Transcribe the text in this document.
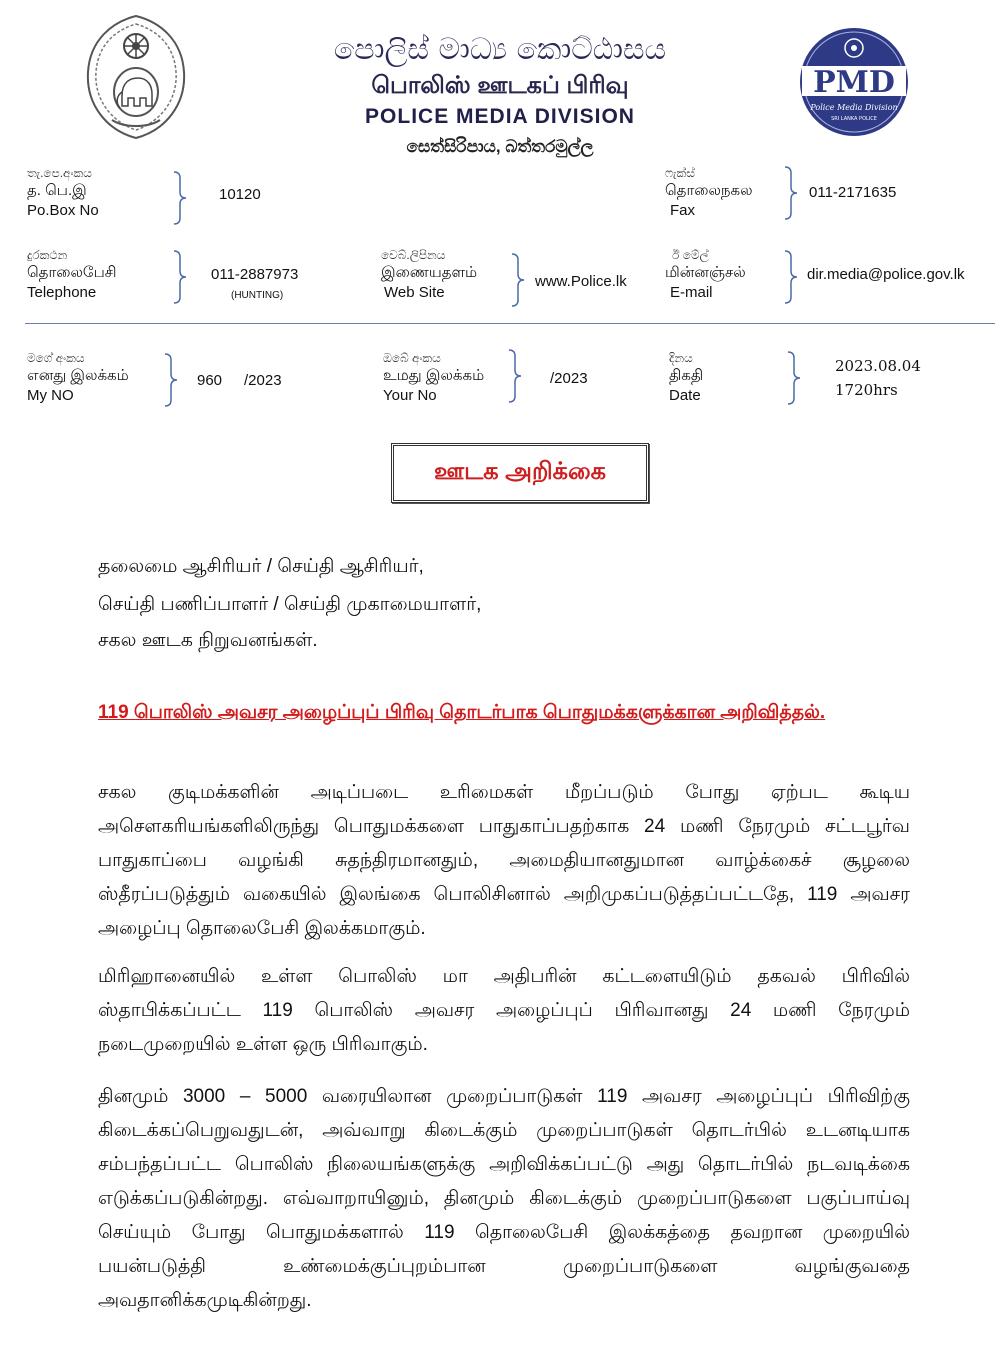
PMD
Police Media Division
SRI LANKA POLICE
පොලිස් මාධ්‍ය කොට්ඨාසය
பொலிஸ் ஊடகப் பிரிவு
POLICE MEDIA DIVISION
සෙත්සිරිපාය, බත්තරමුල්ල
තැ.පෙ.අංකය
த. பெ.இ
Po.Box No
10120
ෆැක්ස්
தொலைநகல
Fax
011-2171635
දුරකථන
தொலைபேசி
Telephone
011-2887973
(HUNTING)
වෙබ්.ලිපිනය
இணையதளம்
Web Site
www.Police.lk
ඊ මේල්
மின்னஞ்சல்
E-mail
dir.media@police.gov.lk
මගේ අංකය
எனது இலக்கம்
My NO
960 /2023
ඔබේ අංකය
உமது இலக்கம்
Your No
/2023
දිනය
திகதி
Date
2023.08.04
1720hrs
ஊடக அறிக்கை
தலைமை ஆசிரியர் / செய்தி ஆசிரியர்,
செய்தி பணிப்பாளர் / செய்தி முகாமையாளர்,
சகல ஊடக நிறுவனங்கள்.
119 பொலிஸ் அவசர அழைப்புப் பிரிவு தொடர்பாக பொதுமக்களுக்கான அறிவித்தல்.
சகல குடிமக்களின் அடிப்படை உரிமைகள் மீறப்படும் போது ஏற்பட கூடிய அசௌகரியங்களிலிருந்து பொதுமக்களை பாதுகாப்பதற்காக 24 மணி நேரமும் சட்டபூர்வ பாதுகாப்பை வழங்கி சுதந்திரமானதும், அமைதியானதுமான வாழ்க்கைச் சூழலை ஸ்தீரப்படுத்தும் வகையில் இலங்கை பொலிசினால் அறிமுகப்படுத்தப்பட்டதே, 119 அவசர அழைப்பு தொலைபேசி இலக்கமாகும்.
மிரிஹானையில் உள்ள பொலிஸ் மா அதிபரின் கட்டளையிடும் தகவல் பிரிவில் ஸ்தாபிக்கப்பட்ட 119 பொலிஸ் அவசர அழைப்புப் பிரிவானது 24 மணி நேரமும் நடைமுறையில் உள்ள ஒரு பிரிவாகும்.
தினமும் 3000 – 5000 வரையிலான முறைப்பாடுகள் 119 அவசர அழைப்புப் பிரிவிற்கு கிடைக்கப்பெறுவதுடன், அவ்வாறு கிடைக்கும் முறைப்பாடுகள் தொடர்பில் உடனடியாக சம்பந்தப்பட்ட பொலிஸ் நிலையங்களுக்கு அறிவிக்கப்பட்டு அது தொடர்பில் நடவடிக்கை எடுக்கப்படுகின்றது. எவ்வாறாயினும், தினமும் கிடைக்கும் முறைப்பாடுகளை பகுப்பாய்வு செய்யும் போது பொதுமக்களால் 119 தொலைபேசி இலக்கத்தை தவறான முறையில் பயன்படுத்தி உண்மைக்குப்புறம்பான முறைப்பாடுகளை வழங்குவதை அவதானிக்கமுடிகின்றது.
